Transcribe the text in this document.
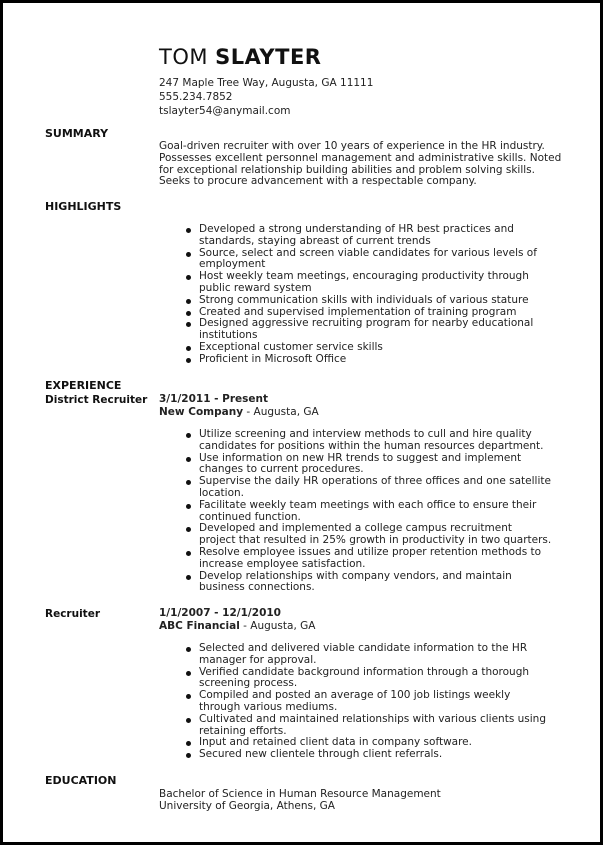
TOM SLAYTER
247 Maple Tree Way, Augusta, GA 11111
555.234.7852
tslayter54@anymail.com
SUMMARY
Goal-driven recruiter with over 10 years of experience in the HR industry.
Possesses excellent personnel management and administrative skills. Noted
for exceptional relationship building abilities and problem solving skills.
Seeks to procure advancement with a respectable company.
HIGHLIGHTS
Developed a strong understanding of HR best practices and
standards, staying abreast of current trends
Source, select and screen viable candidates for various levels of
employment
Host weekly team meetings, encouraging productivity through
public reward system
Strong communication skills with individuals of various stature
Created and supervised implementation of training program
Designed aggressive recruiting program for nearby educational
institutions
Exceptional customer service skills
Proficient in Microsoft Office
EXPERIENCE
District Recruiter 3/1/2011 - Present
New Company - Augusta, GA
Utilize screening and interview methods to cull and hire quality
candidates for positions within the human resources department.
Use information on new HR trends to suggest and implement
changes to current procedures.
Supervise the daily HR operations of three offices and one satellite
location.
Facilitate weekly team meetings with each office to ensure their
continued function.
Developed and implemented a college campus recruitment
project that resulted in 25% growth in productivity in two quarters.
Resolve employee issues and utilize proper retention methods to
increase employee satisfaction.
Develop relationships with company vendors, and maintain
business connections.
Recruiter	1/1/2007 - 12/1/2010
ABC Financial - Augusta, GA
Selected and delivered viable candidate information to the HR
manager for approval.
Verified candidate background information through a thorough
screening process.
Compiled and posted an average of 100 job listings weekly
through various mediums.
Cultivated and maintained relationships with various clients using
retaining efforts.
Input and retained client data in company software.
Secured new clientele through client referrals.
EDUCATION
Bachelor of Science in Human Resource Management
University of Georgia, Athens, GA
